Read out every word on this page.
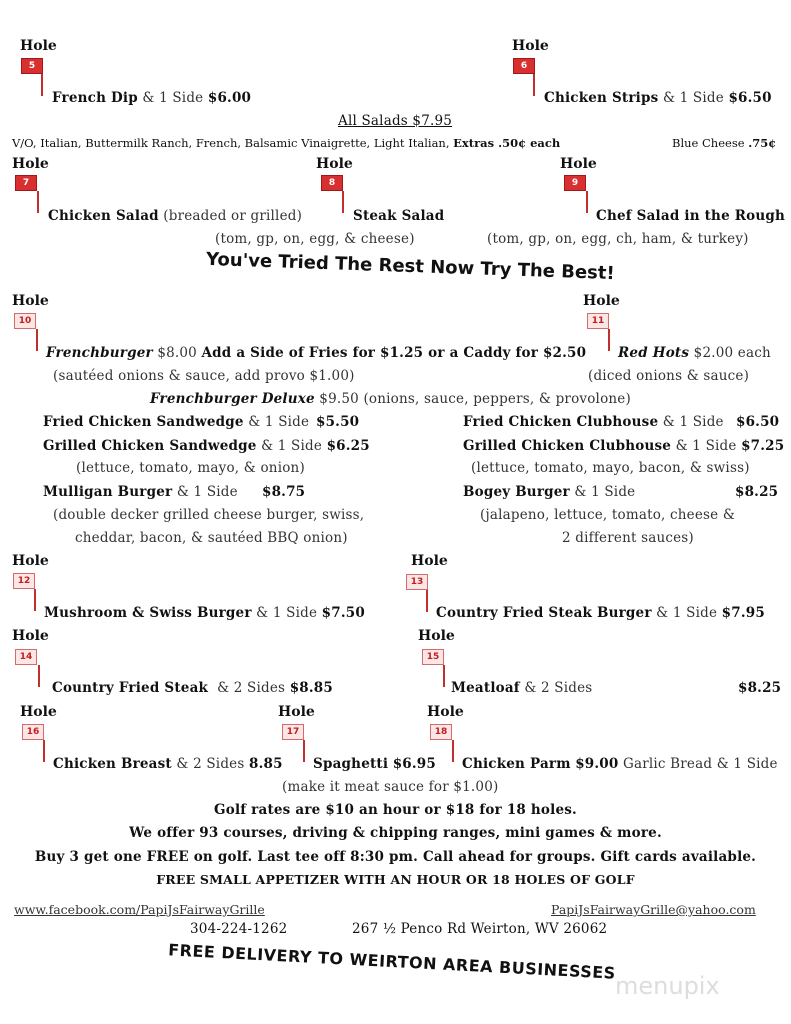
Hole
5
French Dip & 1 Side $6.00
Hole
6
Chicken Strips & 1 Side $6.50
All Salads $7.95
V/O, Italian, Buttermilk Ranch, French, Balsamic Vinaigrette, Light Italian, Extras .50¢ each	Blue Cheese .75¢
Hole
7
Chicken Salad (breaded or grilled)
Hole
8
Steak Salad
(tom, gp, on, egg, & cheese)
Hole
9
Chef Salad in the Rough
(tom, gp, on, egg, ch, ham, & turkey)
You've Tried The Rest Now Try The Best!
Hole
10
Frenchburger $8.00 Add a Side of Fries for $1.25 or a Caddy for $2.50
(sautéed onions & sauce, add provo $1.00)
Hole
11
Red Hots $2.00 each
(diced onions & sauce)
Frenchburger Deluxe $9.50 (onions, sauce, peppers, & provolone)
Fried Chicken Sandwedge & 1 Side $5.50
Grilled Chicken Sandwedge & 1 Side $6.25
(lettuce, tomato, mayo, & onion)
Mulligan Burger & 1 Side $8.75
(double decker grilled cheese burger, swiss,
cheddar, bacon, & sautéed BBQ onion)
Fried Chicken Clubhouse & 1 Side $6.50
Grilled Chicken Clubhouse & 1 Side $7.25
(lettuce, tomato, mayo, bacon, & swiss)
Bogey Burger & 1 Side	$8.25
(jalapeno, lettuce, tomato, cheese &
2 different sauces)
Hole
12
Mushroom & Swiss Burger & 1 Side $7.50
Hole
13
Country Fried Steak Burger & 1 Side $7.95
Hole
14
Country Fried Steak & 2 Sides $8.85
Hole
15
Meatloaf & 2 Sides	$8.25
Hole
16
Chicken Breast & 2 Sides 8.85
Hole
17
Spaghetti $6.95
(make it meat sauce for $1.00)
Hole
18
Chicken Parm $9.00 Garlic Bread & 1 Side
Golf rates are $10 an hour or $18 for 18 holes.
We offer 93 courses, driving & chipping ranges, mini games & more.
Buy 3 get one FREE on golf. Last tee off 8:30 pm. Call ahead for groups. Gift cards available.
FREE SMALL APPETIZER WITH AN HOUR OR 18 HOLES OF GOLF
www.facebook.com/PapiJsFairwayGrille	PapiJsFairwayGrille@yahoo.com
304-224-1262	267 ½ Penco Rd Weirton, WV 26062
FREE DELIVERY TO WEIRTON AREA BUSINESSES
menupix
